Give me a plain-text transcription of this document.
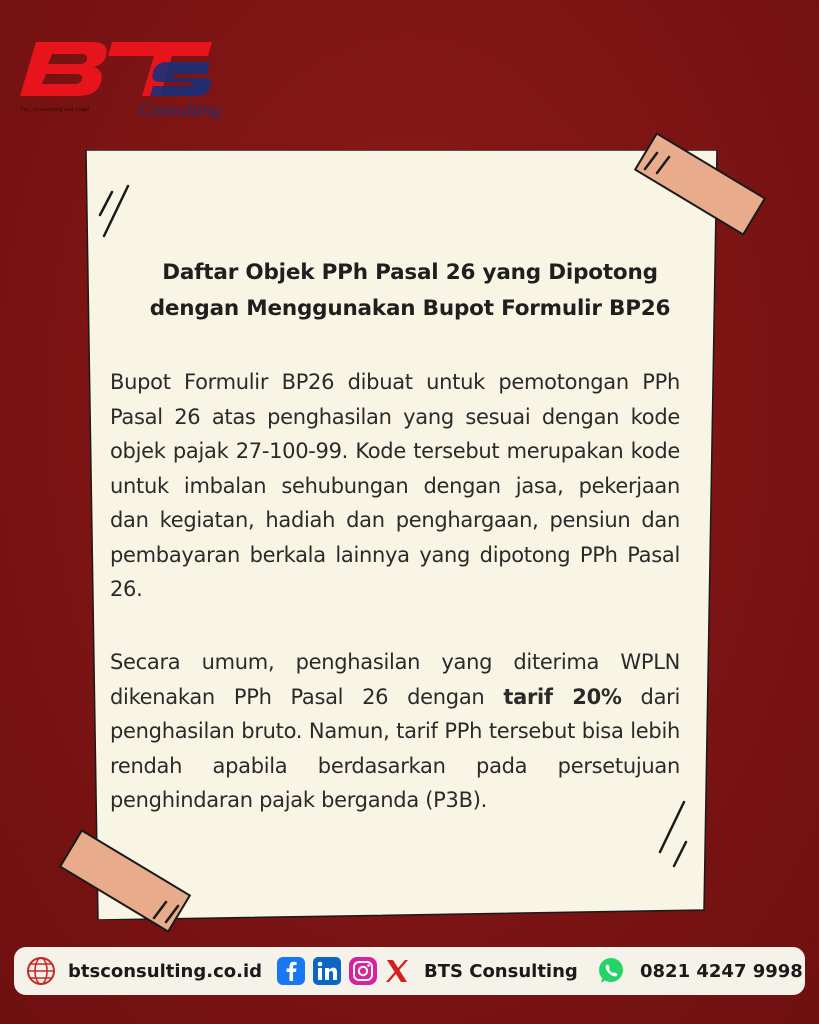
Tax, Accounting and Legal	Consulting
Daftar Objek PPh Pasal 26 yang Dipotong
dengan Menggunakan Bupot Formulir BP26
Bupot Formulir BP26 dibuat untuk pemotongan PPh Pasal 26 atas penghasilan yang sesuai dengan kode objek pajak 27-100-99. Kode tersebut merupakan kode untuk imbalan sehubungan dengan jasa, pekerjaan dan kegiatan, hadiah dan penghargaan, pensiun dan pembayaran berkala lainnya yang dipotong PPh Pasal 26.
Secara umum, penghasilan yang diterima WPLN dikenakan PPh Pasal 26 dengan tarif 20% dari penghasilan bruto. Namun, tarif PPh tersebut bisa lebih rendah apabila berdasarkan pada persetujuan penghindaran pajak berganda (P3B).
btsconsulting.co.id	BTS Consulting	0821 4247 9998
